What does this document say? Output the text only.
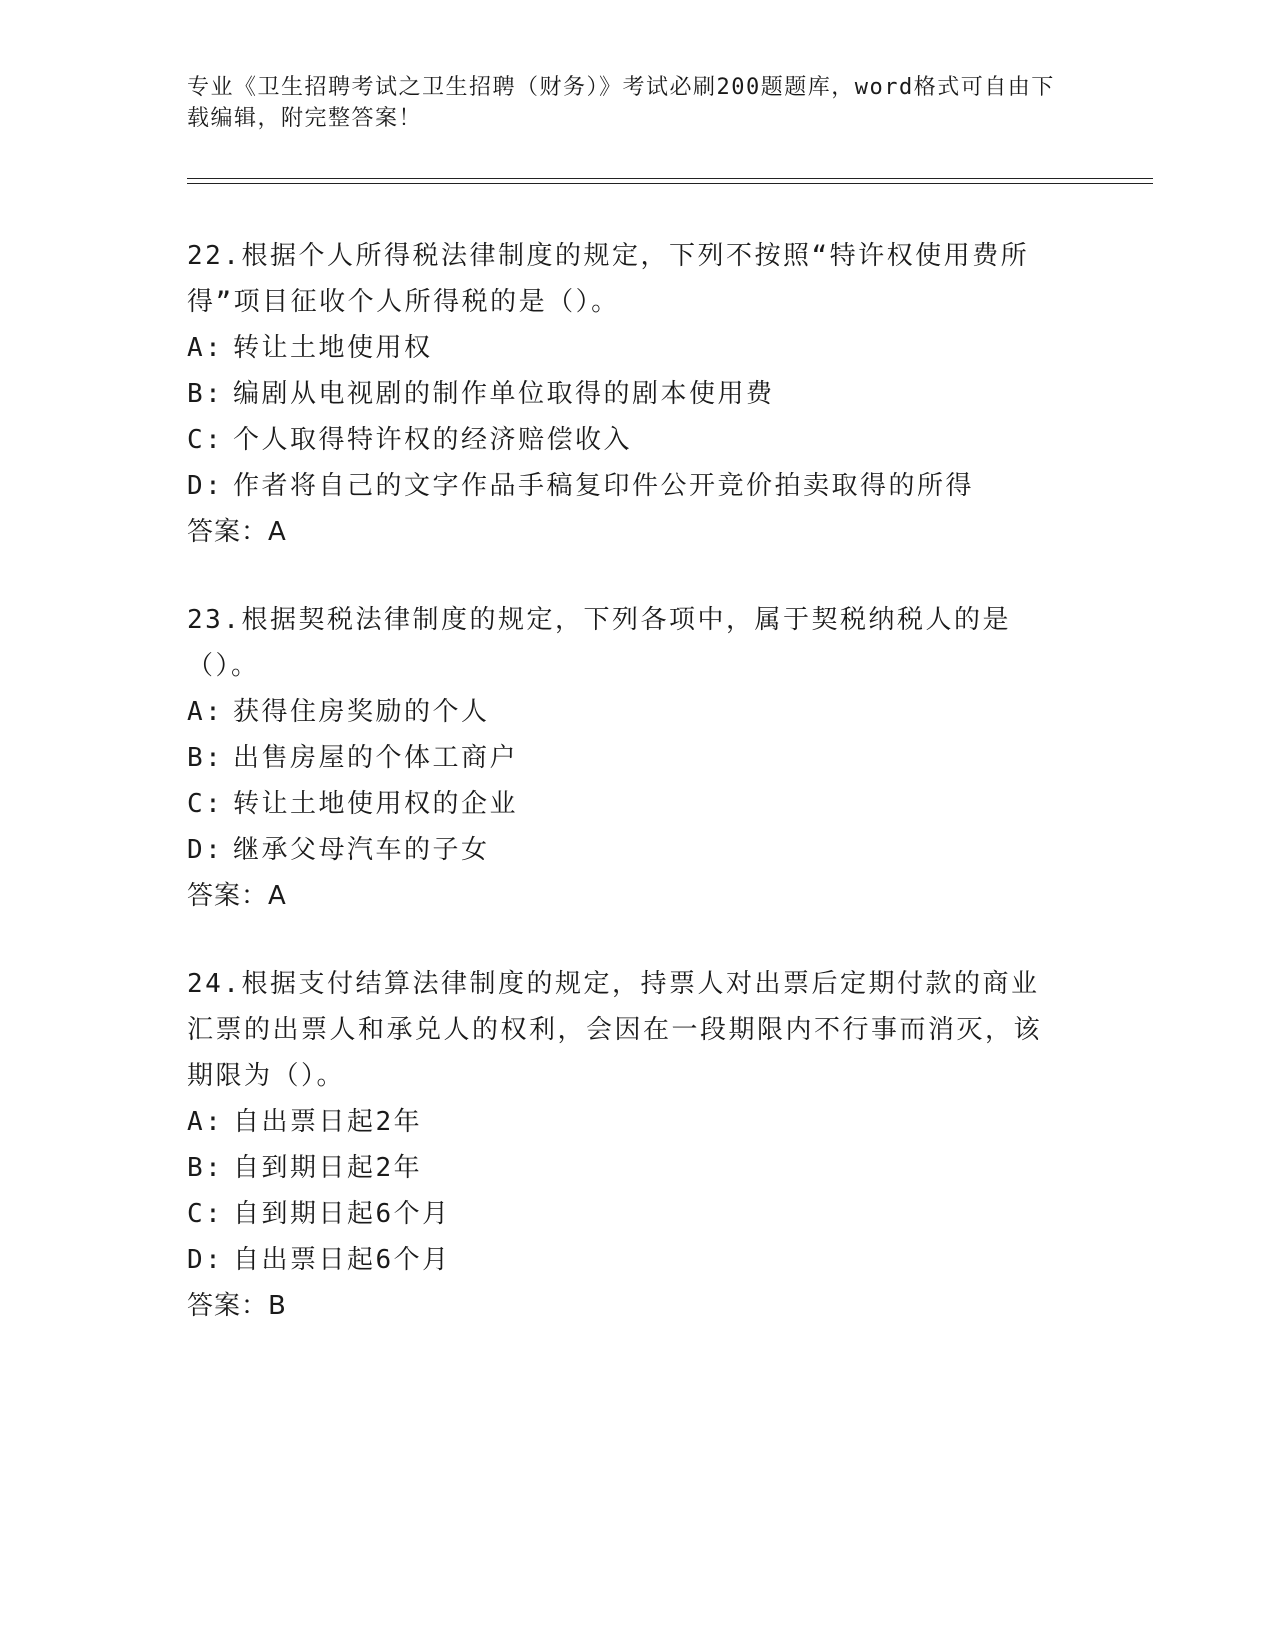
专业《卫生招聘考试之卫生招聘（财务）》考试必刷200题题库，word格式可自由下载编辑，附完整答案！

22.根据个人所得税法律制度的规定，下列不按照“特许权使用费所得”项目征收个人所得税的是（）。

A: 转让土地使用权

B: 编剧从电视剧的制作单位取得的剧本使用费

C: 个人取得特许权的经济赔偿收入

D: 作者将自己的文字作品手稿复印件公开竞价拍卖取得的所得

答案：A

23.根据契税法律制度的规定，下列各项中，属于契税纳税人的是（）。

A: 获得住房奖励的个人

B: 出售房屋的个体工商户

C: 转让土地使用权的企业

D: 继承父母汽车的子女

答案：A

24.根据支付结算法律制度的规定，持票人对出票后定期付款的商业汇票的出票人和承兑人的权利，会因在一段期限内不行事而消灭，该期限为（）。

A: 自出票日起2年

B: 自到期日起2年

C: 自到期日起6个月

D: 自出票日起6个月

答案：B
